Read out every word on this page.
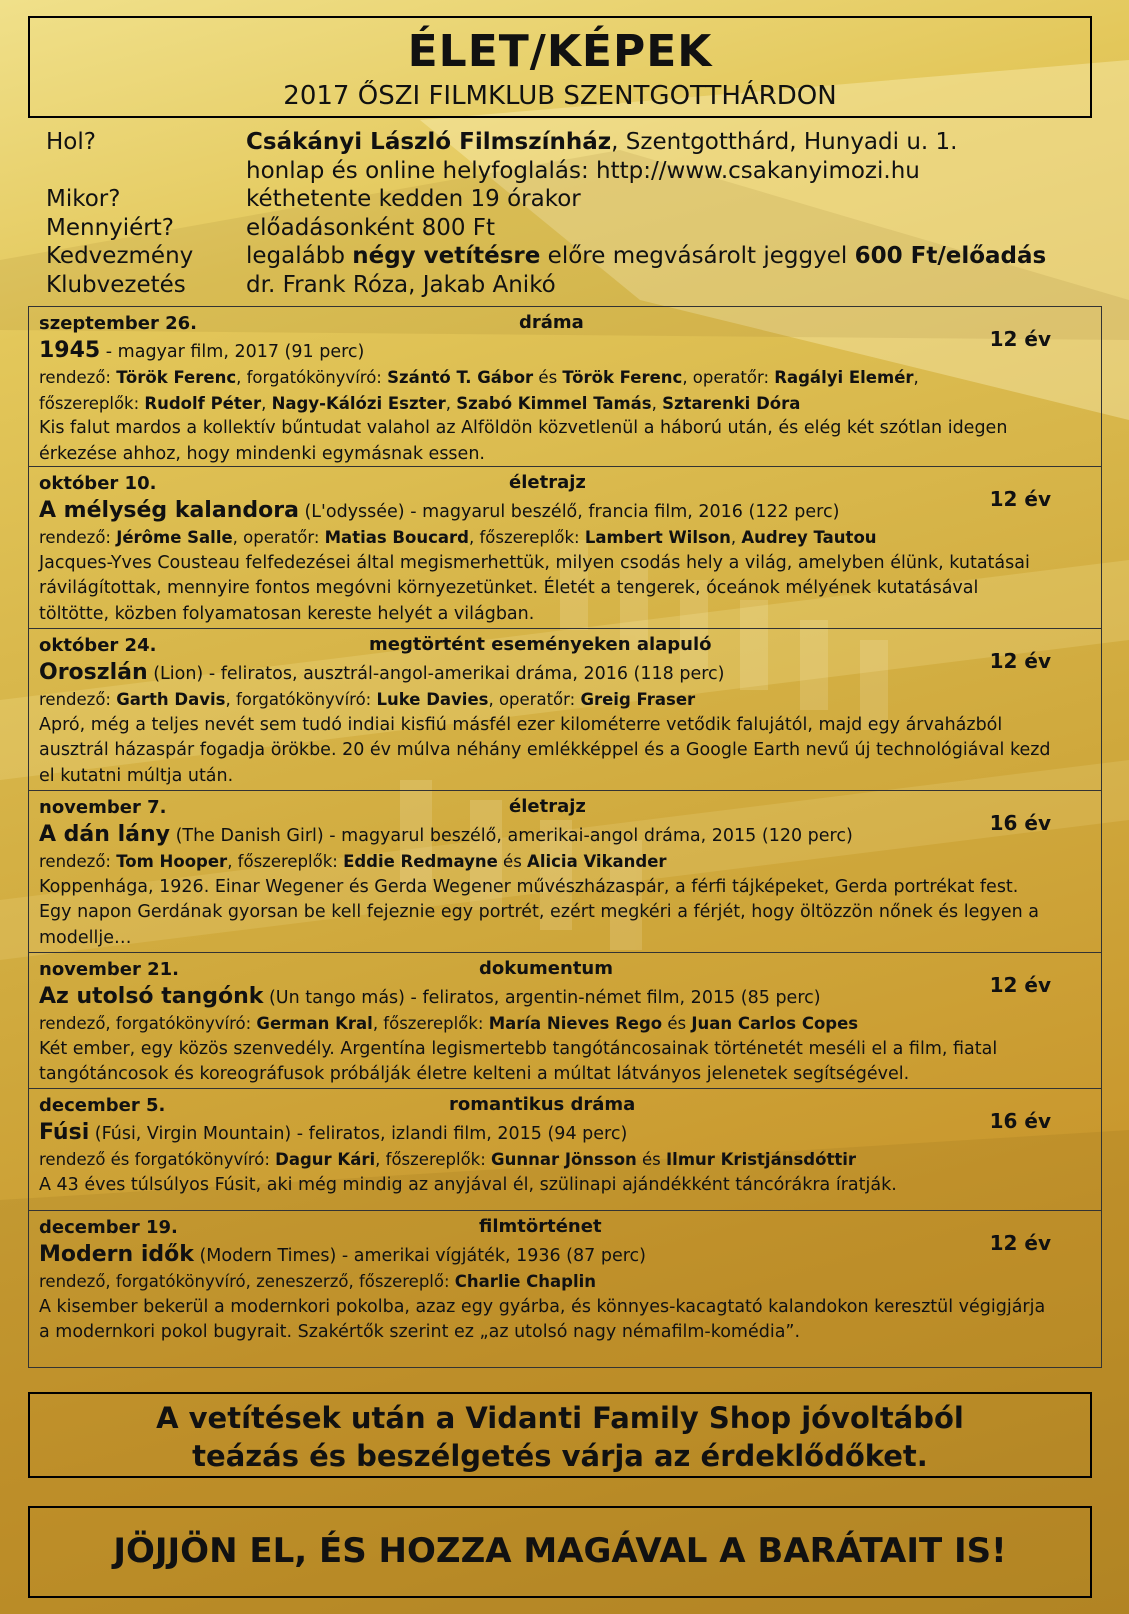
ÉLET/KÉPEK
2017 ŐSZI FILMKLUB SZENTGOTTHÁRDON
Hol?	Csákányi László Filmszínház, Szentgotthárd, Hunyadi u. 1.
honlap és online helyfoglalás: http://www.csakanyimozi.hu
Mikor?	kéthetente kedden 19 órakor
Mennyiért?	előadásonként 800 Ft
Kedvezmény	legalább négy vetítésre előre megvásárolt jeggyel 600 Ft/előadás
Klubvezetés	dr. Frank Róza, Jakab Anikó
szeptember 26.	dráma
12 év
1945 - magyar film, 2017 (91 perc)
rendező: Török Ferenc, forgatókönyvíró: Szántó T. Gábor és Török Ferenc, operatőr: Ragályi Elemér,
főszereplők: Rudolf Péter, Nagy-Kálózi Eszter, Szabó Kimmel Tamás, Sztarenki Dóra
Kis falut mardos a kollektív bűntudat valahol az Alföldön közvetlenül a háború után, és elég két szótlan idegen érkezése ahhoz, hogy mindenki egymásnak essen.
október 10.	életrajz
12 év
A mélység kalandora (L'odyssée) - magyarul beszélő, francia film, 2016 (122 perc)
rendező: Jérôme Salle, operatőr: Matias Boucard, főszereplők: Lambert Wilson, Audrey Tautou
Jacques-Yves Cousteau felfedezései által megismerhettük, milyen csodás hely a világ, amelyben élünk, kutatásai rávilágítottak, mennyire fontos megóvni környezetünket. Életét a tengerek, óceánok mélyének kutatásával töltötte, közben folyamatosan kereste helyét a világban.
október 24.	megtörtént eseményeken alapuló
12 év
Oroszlán (Lion) - feliratos, ausztrál-angol-amerikai dráma, 2016 (118 perc)
rendező: Garth Davis, forgatókönyvíró: Luke Davies, operatőr: Greig Fraser
Apró, még a teljes nevét sem tudó indiai kisfiú másfél ezer kilométerre vetődik falujától, majd egy árvaházból ausztrál házaspár fogadja örökbe. 20 év múlva néhány emlékképpel és a Google Earth nevű új technológiával kezd el kutatni múltja után.
november 7.	életrajz
16 év
A dán lány (The Danish Girl) - magyarul beszélő, amerikai-angol dráma, 2015 (120 perc)
rendező: Tom Hooper, főszereplők: Eddie Redmayne és Alicia Vikander
Koppenhága, 1926. Einar Wegener és Gerda Wegener művészházaspár, a férfi tájképeket, Gerda portrékat fest. Egy napon Gerdának gyorsan be kell fejeznie egy portrét, ezért megkéri a férjét, hogy öltözzön nőnek és legyen a modellje…
november 21.	dokumentum
12 év
Az utolsó tangónk (Un tango más) - feliratos, argentin-német film, 2015 (85 perc)
rendező, forgatókönyvíró: German Kral, főszereplők: María Nieves Rego és Juan Carlos Copes
Két ember, egy közös szenvedély. Argentína legismertebb tangótáncosainak történetét meséli el a film, fiatal tangótáncosok és koreográfusok próbálják életre kelteni a múltat látványos jelenetek segítségével.
december 5.	romantikus dráma
16 év
Fúsi (Fúsi, Virgin Mountain) - feliratos, izlandi film, 2015 (94 perc)
rendező és forgatókönyvíró: Dagur Kári, főszereplők: Gunnar Jönsson és Ilmur Kristjánsdóttir
A 43 éves túlsúlyos Fúsit, aki még mindig az anyjával él, szülinapi ajándékként táncórákra íratják.
december 19.	filmtörténet
12 év
Modern idők (Modern Times) - amerikai vígjáték, 1936 (87 perc)
rendező, forgatókönyvíró, zeneszerző, főszereplő: Charlie Chaplin
A kisember bekerül a modernkori pokolba, azaz egy gyárba, és könnyes-kacagtató kalandokon keresztül végigjárja a modernkori pokol bugyrait. Szakértők szerint ez „az utolsó nagy némafilm-komédia”.
A vetítések után a Vidanti Family Shop jóvoltából
teázás és beszélgetés várja az érdeklődőket.
JÖJJÖN EL, ÉS HOZZA MAGÁVAL A BARÁTAIT IS!
